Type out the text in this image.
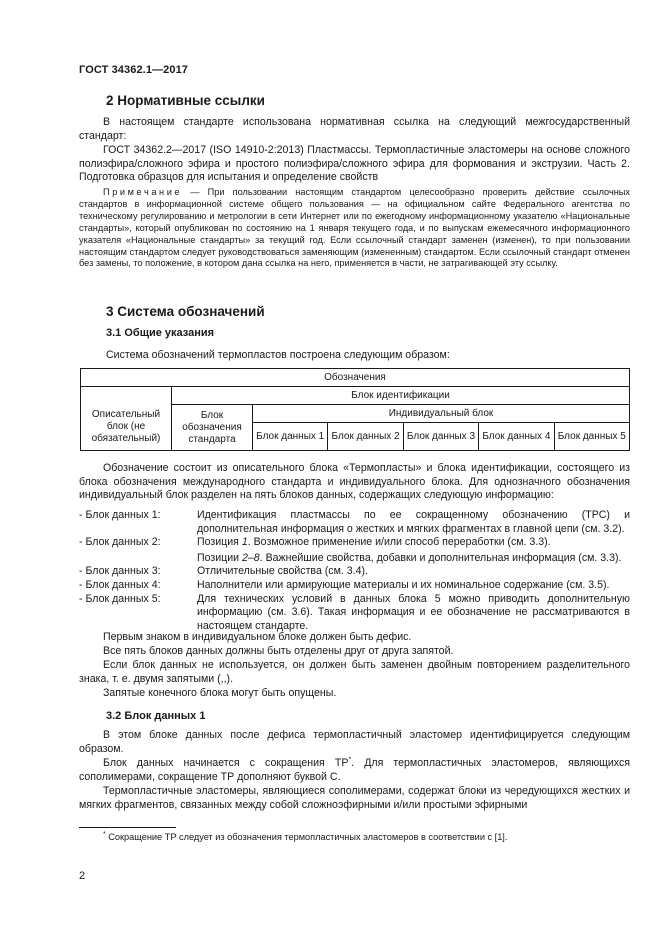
ГОСТ 34362.1—2017
2 Нормативные ссылки
В настоящем стандарте использована нормативная ссылка на следующий межгосударственный стандарт:
ГОСТ 34362.2—2017 (ISO 14910-2:2013) Пластмассы. Термопластичные эластомеры на основе сложного полиэфира/сложного эфира и простого полиэфира/сложного эфира для формования и экструзии. Часть 2. Подготовка образцов для испытания и определение свойств
Примечание — При пользовании настоящим стандартом целесообразно проверить действие ссылочных стандартов в информационной системе общего пользования — на официальном сайте Федерального агентства по техническому регулированию и метрологии в сети Интернет или по ежегодному информационному указателю «Национальные стандарты», который опубликован по состоянию на 1 января текущего года, и по выпускам ежемесячного информационного указателя «Национальные стандарты» за текущий год. Если ссылочный стандарт заменен (изменен), то при пользовании настоящим стандартом следует руководствоваться заменяющим (измененным) стандартом. Если ссылочный стандарт отменен без замены, то положение, в котором дана ссылка на него, применяется в части, не затрагивающей эту ссылку.
3 Система обозначений
3.1 Общие указания
Система обозначений термопластов построена следующим образом:
Обозначения						
	Блок идентификации					
Описательный блок (не обязательный)	Блок обозначения стандарта	Индивидуальный блок				
		Блок данных 1	Блок данных 2	Блок данных 3	Блок данных 4	Блок данных 5
Обозначение состоит из описательного блока «Термопласты» и блока идентификации, состоящего из блока обозначения международного стандарта и индивидуального блока. Для однозначного обозначения индивидуальный блок разделен на пять блоков данных, содержащих следующую информацию:
- Блок данных 1:	Идентификация пластмассы по ее сокращенному обозначению (TPC) и дополнительная информация о жестких и мягких фрагментах в главной цепи (см. 3.2).
- Блок данных 2:	Позиция 1. Возможное применение и/или способ переработки (см. 3.3).
Позиции 2–8. Важнейшие свойства, добавки и дополнительная информация (см. 3.3).
- Блок данных 3:	Отличительные свойства (см. 3.4).
- Блок данных 4:	Наполнители или армирующие материалы и их номинальное содержание (см. 3.5).
- Блок данных 5:	Для технических условий в данных блока 5 можно приводить дополнительную информацию (см. 3.6). Такая информация и ее обозначение не рассматриваются в настоящем стандарте.
Первым знаком в индивидуальном блоке должен быть дефис.
Все пять блоков данных должны быть отделены друг от друга запятой.
Если блок данных не используется, он должен быть заменен двойным повторением разделительного знака, т. е. двумя запятыми (,,).
Запятые конечного блока могут быть опущены.
3.2 Блок данных 1
В этом блоке данных после дефиса термопластичный эластомер идентифицируется следующим образом.
Блок данных начинается с сокращения ТР*. Для термопластичных эластомеров, являющихся сополимерами, сокращение ТР дополняют буквой С.
Термопластичные эластомеры, являющиеся сополимерами, содержат блоки из чередующихся жестких и мягких фрагментов, связанных между собой сложноэфирными и/или простыми эфирными
* Сокращение ТР следует из обозначения термопластичных эластомеров в соответствии с [1].
2
